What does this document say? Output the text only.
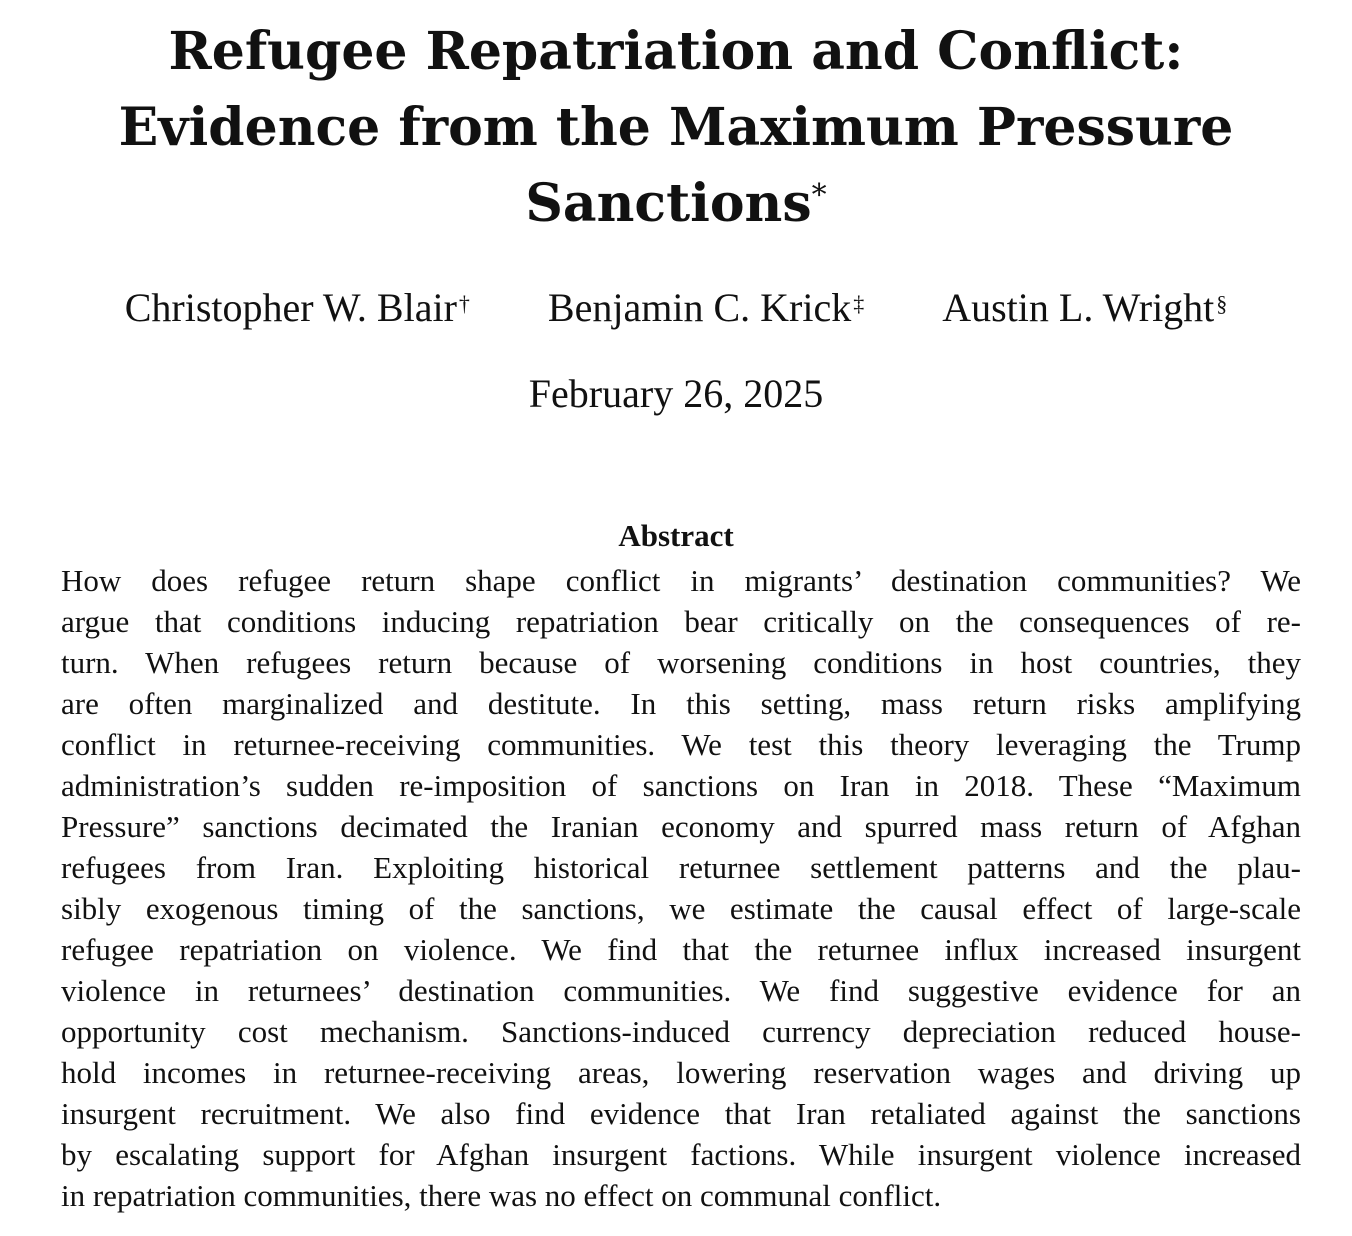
Refugee Repatriation and Conflict:
Evidence from the Maximum Pressure
Sanctions*
Christopher W. Blair† Benjamin C. Krick‡ Austin L. Wright§
February 26, 2025
Abstract
How does refugee return shape conflict in migrants’ destination communities? We
argue that conditions inducing repatriation bear critically on the consequences of re-
turn. When refugees return because of worsening conditions in host countries, they
are often marginalized and destitute. In this setting, mass return risks amplifying
conflict in returnee-receiving communities. We test this theory leveraging the Trump
administration’s sudden re-imposition of sanctions on Iran in 2018. These “Maximum
Pressure” sanctions decimated the Iranian economy and spurred mass return of Afghan
refugees from Iran. Exploiting historical returnee settlement patterns and the plau-
sibly exogenous timing of the sanctions, we estimate the causal effect of large-scale
refugee repatriation on violence. We find that the returnee influx increased insurgent
violence in returnees’ destination communities. We find suggestive evidence for an
opportunity cost mechanism. Sanctions-induced currency depreciation reduced house-
hold incomes in returnee-receiving areas, lowering reservation wages and driving up
insurgent recruitment. We also find evidence that Iran retaliated against the sanctions
by escalating support for Afghan insurgent factions. While insurgent violence increased
in repatriation communities, there was no effect on communal conflict.
